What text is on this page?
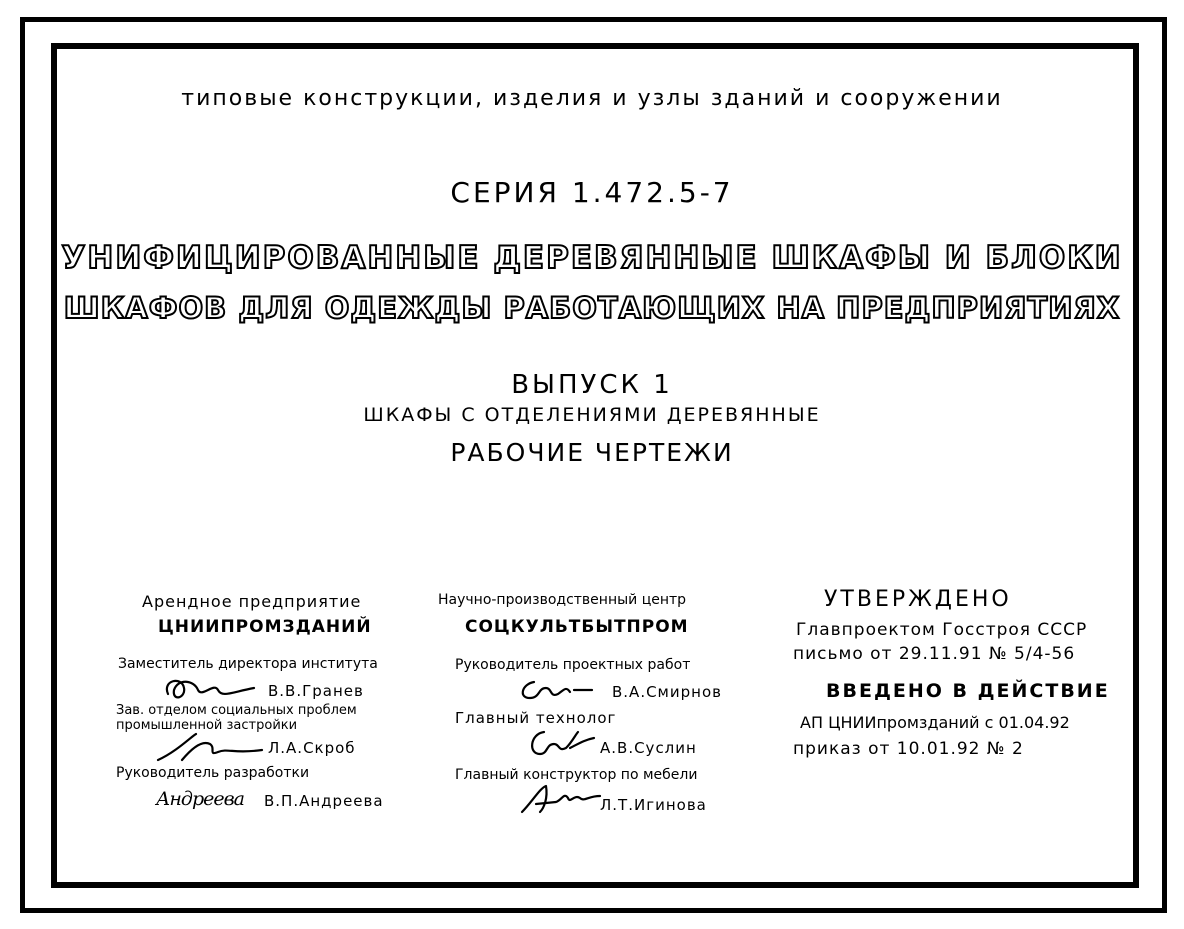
типовые конструкции, изделия и узлы зданий и сооружении
СЕРИЯ 1.472.5-7
УНИФИЦИРОВАННЫЕ ДЕРЕВЯННЫЕ ШКАФЫ И БЛОКИ
ШКАФОВ ДЛЯ ОДЕЖДЫ РАБОТАЮЩИХ НА ПРЕДПРИЯТИЯХ
ВЫПУСК 1
ШКАФЫ С ОТДЕЛЕНИЯМИ ДЕРЕВЯННЫЕ
РАБОЧИЕ ЧЕРТЕЖИ
Арендное предприятие
ЦНИИПРОМЗДАНИЙ
Заместитель директора института
В.В.Гранев
Зав. отделом социальных проблем
промышленной застройки
Л.А.Скроб
Руководитель разработки
Андреева В.П.Андреева
Научно-производственный центр
СОЦКУЛЬТБЫТПРОМ
Руководитель проектных работ
В.А.Смирнов
Главный технолог
А.В.Суслин
Главный конструктор по мебели
Л.Т.Игинова
УТВЕРЖДЕНО
Главпроектом Госстроя СССР
письмо от 29.11.91 № 5/4-56
ВВЕДЕНО В ДЕЙСТВИЕ
АП ЦНИИпромзданий с 01.04.92
приказ от 10.01.92 № 2
